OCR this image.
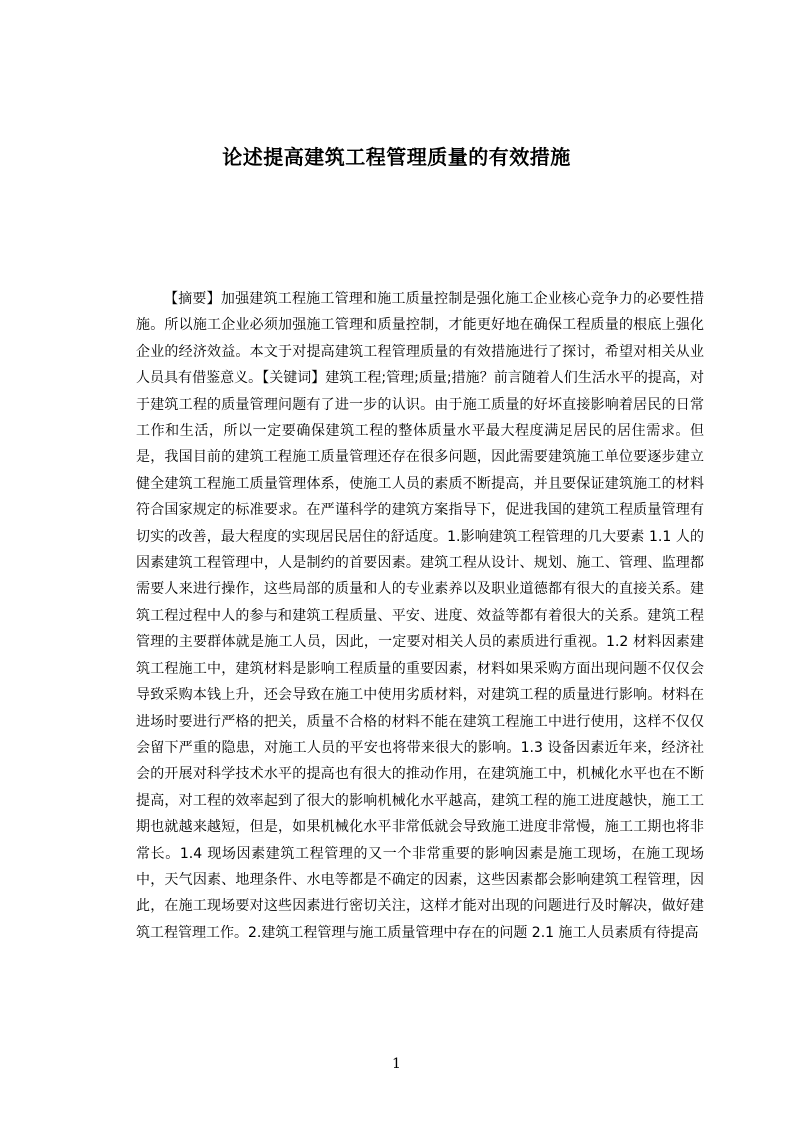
论述提高建筑工程管理质量的有效措施

【摘要】加强建筑工程施工管理和施工质量控制是强化施工企业核心竞争力的必要性措施。所以施工企业必须加强施工管理和质量控制，才能更好地在确保工程质量的根底上强化企业的经济效益。本文于对提高建筑工程管理质量的有效措施进行了探讨，希望对相关从业人员具有借鉴意义。【关键词】建筑工程;管理;质量;措施？前言随着人们生活水平的提高，对于建筑工程的质量管理问题有了进一步的认识。由于施工质量的好坏直接影响着居民的日常工作和生活，所以一定要确保建筑工程的整体质量水平最大程度满足居民的居住需求。但是，我国目前的建筑工程施工质量管理还存在很多问题，因此需要建筑施工单位要逐步建立健全建筑工程施工质量管理体系，使施工人员的素质不断提高，并且要保证建筑施工的材料符合国家规定的标准要求。在严谨科学的建筑方案指导下，促进我国的建筑工程质量管理有切实的改善，最大程度的实现居民居住的舒适度。1.影响建筑工程管理的几大要素 1.1 人的因素建筑工程管理中，人是制约的首要因素。建筑工程从设计、规划、施工、管理、监理都需要人来进行操作，这些局部的质量和人的专业素养以及职业道德都有很大的直接关系。建筑工程过程中人的参与和建筑工程质量、平安、进度、效益等都有着很大的关系。建筑工程管理的主要群体就是施工人员，因此，一定要对相关人员的素质进行重视。1.2 材料因素建筑工程施工中，建筑材料是影响工程质量的重要因素，材料如果采购方面出现问题不仅仅会导致采购本钱上升，还会导致在施工中使用劣质材料，对建筑工程的质量进行影响。材料在进场时要进行严格的把关，质量不合格的材料不能在建筑工程施工中进行使用，这样不仅仅会留下严重的隐患，对施工人员的平安也将带来很大的影响。1.3 设备因素近年来，经济社会的开展对科学技术水平的提高也有很大的推动作用，在建筑施工中，机械化水平也在不断提高，对工程的效率起到了很大的影响机械化水平越高，建筑工程的施工进度越快，施工工期也就越来越短，但是，如果机械化水平非常低就会导致施工进度非常慢，施工工期也将非常长。1.4 现场因素建筑工程管理的又一个非常重要的影响因素是施工现场，在施工现场中，天气因素、地理条件、水电等都是不确定的因素，这些因素都会影响建筑工程管理，因此，在施工现场要对这些因素进行密切关注，这样才能对出现的问题进行及时解决，做好建筑工程管理工作。2.建筑工程管理与施工质量管理中存在的问题 2.1 施工人员素质有待提高

1
